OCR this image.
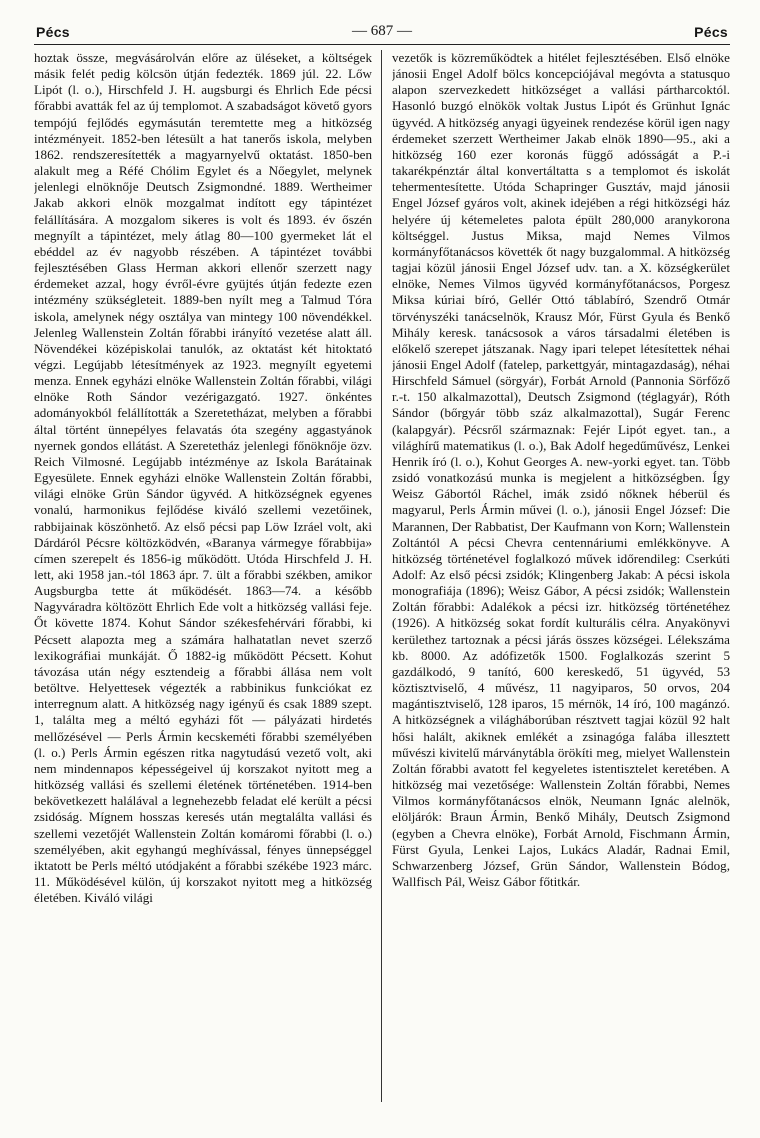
Pécs	— 687 —	Pécs

hoztak össze, megvásárolván előre az üléseket, a költségek másik felét pedig kölcsön útján fedezték. 1869 júl. 22. Lőw Lipót (l. o.), Hirschfeld J. H. augsburgi és Ehrlich Ede pécsi főrabbi avatták fel az új templomot. A szabadságot követő gyors tempójú fejlődés egymásután teremtette meg a hitközség intézményeit. 1852-ben létesült a hat tanerős iskola, melyben 1862. rendszeresítették a magyarnyelvű oktatást. 1850-ben alakult meg a Réfé Chólim Egylet és a Nőegylet, melynek jelenlegi elnöknője Deutsch Zsigmondné. 1889. Wertheimer Jakab akkori elnök mozgalmat indított egy tápintézet felállítására. A mozgalom sikeres is volt és 1893. év őszén megnyílt a tápintézet, mely átlag 80—100 gyermeket lát el ebéddel az év nagyobb részében. A tápintézet további fejlesztésében Glass Herman akkori ellenőr szerzett nagy érdemeket azzal, hogy évről-évre gyüjtés útján fedezte ezen intézmény szükségleteit. 1889-ben nyílt meg a Talmud Tóra iskola, amelynek négy osztálya van mintegy 100 növendékkel. Jelenleg Wallenstein Zoltán főrabbi irányító vezetése alatt áll. Növendékei középiskolai tanulók, az oktatást két hitoktató végzi. Legújabb létesítmények az 1923. megnyílt egyetemi menza. Ennek egyházi elnöke Wallenstein Zoltán főrabbi, világi elnöke Roth Sándor vezérigazgató. 1927. önkéntes adományokból felállították a Szeretetházat, melyben a főrabbi által történt ünnepélyes felavatás óta szegény aggastyánok nyernek gondos ellátást. A Szeretetház jelenlegi főnöknője özv. Reich Vilmosné. Legújabb intézménye az Iskola Barátainak Egyesülete. Ennek egyházi elnöke Wallenstein Zoltán főrabbi, világi elnöke Grün Sándor ügyvéd. A hitközségnek egyenes vonalú, harmonikus fejlődése kiváló szellemi vezetőinek, rabbijainak köszönhető. Az első pécsi pap Löw Izráel volt, aki Dárdáról Pécsre költözködvén, «Baranya vármegye főrabbija» címen szerepelt és 1856-ig működött. Utóda Hirschfeld J. H. lett, aki 1958 jan.-tól 1863 ápr. 7. ült a főrabbi székben, amikor Augsburgba tette át működését. 1863—74. a később Nagyváradra költözött Ehrlich Ede volt a hitközség vallási feje. Őt követte 1874. Kohut Sándor székesfehérvári főrabbi, ki Pécsett alapozta meg a számára halhatatlan nevet szerző lexikográfiai munkáját. Ő 1882-ig működött Pécsett. Kohut távozása után négy esztendeig a főrabbi állása nem volt betöltve. Helyettesek végezték a rabbinikus funkciókat ez interregnum alatt. A hitközség nagy igényű és csak 1889 szept. 1, találta meg a méltó egyházi főt — pályázati hirdetés mellőzésével — Perls Ármin kecskeméti főrabbi személyében (l. o.) Perls Ármin egészen ritka nagytudású vezető volt, aki nem mindennapos képességeivel új korszakot nyitott meg a hitközség vallási és szellemi életének történetében. 1914-ben bekövetkezett halálával a legnehezebb feladat elé került a pécsi zsidóság. Mígnem hosszas keresés után megtalálta vallási és szellemi vezetőjét Wallenstein Zoltán komáromi főrabbi (l. o.) személyében, akit egyhangú meghívással, fényes ünnepséggel iktatott be Perls méltó utódjaként a főrabbi székébe 1923 márc. 11. Működésével külön, új korszakot nyitott meg a hitközség életében. Kiváló világi

vezetők is közreműködtek a hitélet fejlesztésében. Első elnöke jánosii Engel Adolf bölcs koncepciójával megóvta a statusquo alapon szervezkedett hitközséget a vallási pártharcoktól. Hasonló buzgó elnökök voltak Justus Lipót és Grünhut Ignác ügyvéd. A hitközség anyagi ügyeinek rendezése körül igen nagy érdemeket szerzett Wertheimer Jakab elnök 1890—95., aki a hitközség 160 ezer koronás függő adósságát a P.-i takarékpénztár által konvertáltatta s a templomot és iskolát tehermentesítette. Utóda Schapringer Gusztáv, majd jánosii Engel József gyáros volt, akinek idejében a régi hitközségi ház helyére új kétemeletes palota épült 280,000 aranykorona költséggel. Justus Miksa, majd Nemes Vilmos kormányfőtanácsos követték őt nagy buzgalommal. A hitközség tagjai közül jánosii Engel József udv. tan. a X. községkerület elnöke, Nemes Vilmos ügyvéd kormányfőtanácsos, Porgesz Miksa kúriai bíró, Gellér Ottó táblabíró, Szendrő Otmár törvényszéki tanácselnök, Krausz Mór, Fürst Gyula és Benkő Mihály keresk. tanácsosok a város társadalmi életében is előkelő szerepet játszanak. Nagy ipari telepet létesítettek néhai jánosii Engel Adolf (fatelep, parkettgyár, mintagazdaság), néhai Hirschfeld Sámuel (sörgyár), Forbát Arnold (Pannonia Sörfőző r.-t. 150 alkalmazottal), Deutsch Zsigmond (téglagyár), Róth Sándor (bőrgyár több száz alkalmazottal), Sugár Ferenc (kalapgyár). Pécsről származnak: Fejér Lipót egyet. tan., a világhírű matematikus (l. o.), Bak Adolf hegedűművész, Lenkei Henrik író (l. o.), Kohut Georges A. new-yorki egyet. tan. Több zsidó vonatkozású munka is megjelent a hitközségben. Így Weisz Gábortól Ráchel, imák zsidó nőknek héberül és magyarul, Perls Ármin művei (l. o.), jánosii Engel József: Die Marannen, Der Rabbatist, Der Kaufmann von Korn; Wallenstein Zoltántól A pécsi Chevra centennáriumi emlékkönyve. A hitközség történetével foglalkozó művek időrendileg: Cserkúti Adolf: Az első pécsi zsidók; Klingenberg Jakab: A pécsi iskola monografiája (1896); Weisz Gábor, A pécsi zsidók; Wallenstein Zoltán főrabbi: Adalékok a pécsi izr. hitközség történetéhez (1926). A hitközség sokat fordít kulturális célra. Anyakönyvi kerülethez tartoznak a pécsi járás összes községei. Lélekszáma kb. 8000. Az adófizetők 1500. Foglalkozás szerint 5 gazdálkodó, 9 tanító, 600 kereskedő, 51 ügyvéd, 53 köztisztviselő, 4 művész, 11 nagyiparos, 50 orvos, 204 magántisztviselő, 128 iparos, 15 mérnök, 14 író, 100 magánzó. A hitközségnek a világháborúban résztvett tagjai közül 92 halt hősi halált, akiknek emlékét a zsinagóga falába illesztett művészi kivitelű márványtábla örökíti meg, mielyet Wallenstein Zoltán főrabbi avatott fel kegyeletes istentisztelet keretében. A hitközség mai vezetősége: Wallenstein Zoltán főrabbi, Nemes Vilmos kormányfőtanácsos elnök, Neumann Ignác alelnök, elöljárók: Braun Ármin, Benkő Mihály, Deutsch Zsigmond (egyben a Chevra elnöke), Forbát Arnold, Fischmann Ármin, Fürst Gyula, Lenkei Lajos, Lukács Aladár, Radnai Emil, Schwarzenberg József, Grün Sándor, Wallenstein Bódog, Wallfisch Pál, Weisz Gábor főtitkár.
